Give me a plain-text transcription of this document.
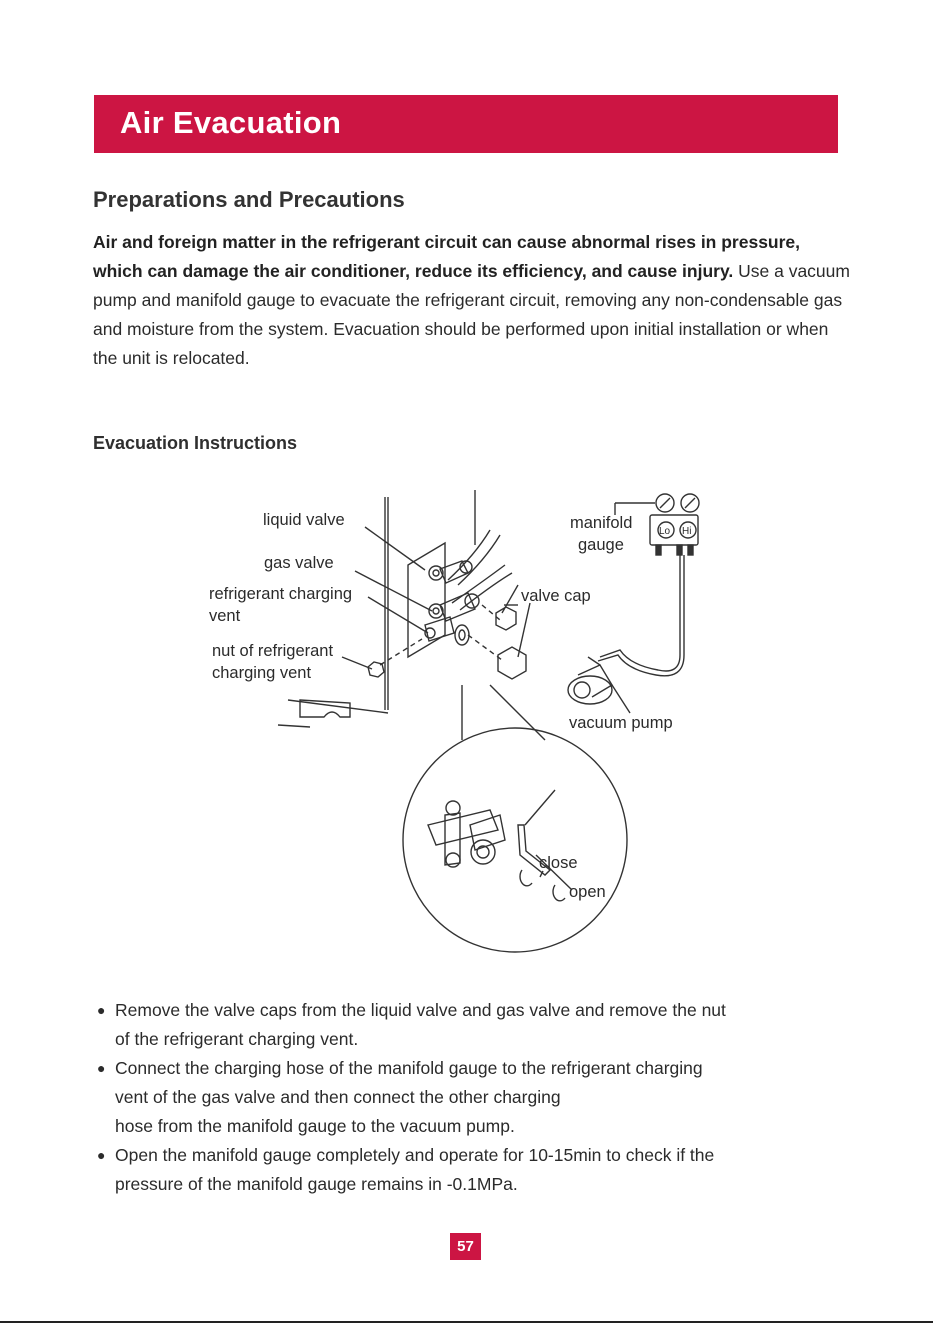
Air Evacuation
Preparations and Precautions
Air and foreign matter in the refrigerant circuit can cause abnormal rises in pressure, which can damage the air conditioner, reduce its efficiency, and cause injury. Use a vacuum pump and manifold gauge to evacuate the refrigerant circuit, removing any non-condensable gas and moisture from the system. Evacuation should be performed upon initial installation or when the unit is relocated.
Evacuation Instructions
liquid valve
gas valve
refrigerant charging
vent
nut of refrigerant
charging vent
manifold
gauge
Lo Hi
valve cap
vacuum pump
close
open
● Remove the valve caps from the liquid valve and gas valve and remove the nut
of the refrigerant charging vent.
● Connect the charging hose of the manifold gauge to the refrigerant charging
vent of the gas valve and then connect the other charging
hose from the manifold gauge to the vacuum pump.
● Open the manifold gauge completely and operate for 10-15min to check if the
pressure of the manifold gauge remains in -0.1MPa.
57
